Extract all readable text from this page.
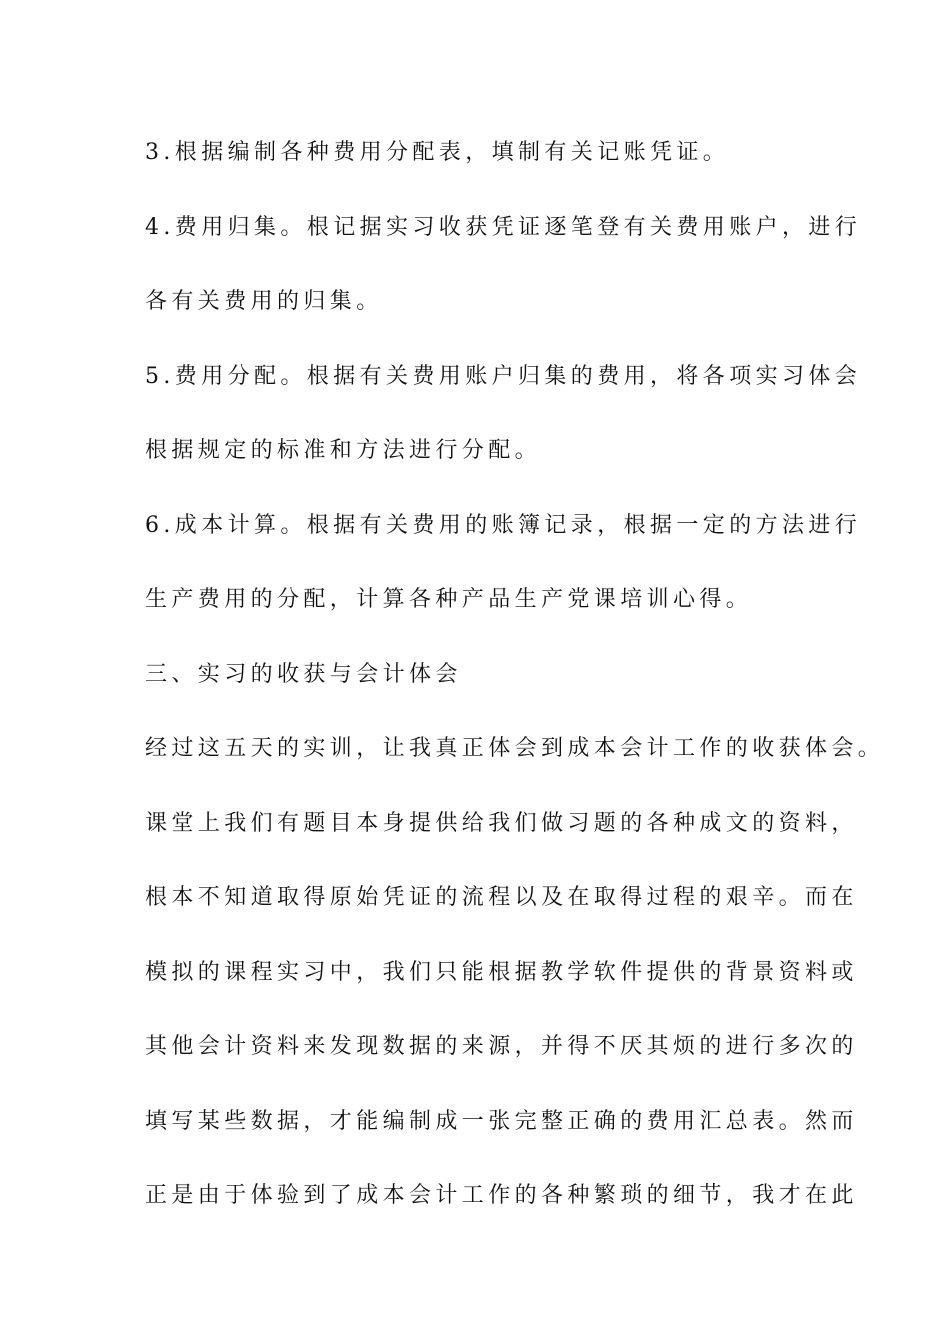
3.根据编制各种费用分配表，填制有关记账凭证。

4.费用归集。根记据实习收获凭证逐笔登有关费用账户，进行

各有关费用的归集。

5.费用分配。根据有关费用账户归集的费用，将各项实习体会

根据规定的标准和方法进行分配。

6.成本计算。根据有关费用的账簿记录，根据一定的方法进行

生产费用的分配，计算各种产品生产党课培训心得。

三、实习的收获与会计体会

经过这五天的实训，让我真正体会到成本会计工作的收获体会。

课堂上我们有题目本身提供给我们做习题的各种成文的资料，

根本不知道取得原始凭证的流程以及在取得过程的艰辛。而在

模拟的课程实习中，我们只能根据教学软件提供的背景资料或

其他会计资料来发现数据的来源，并得不厌其烦的进行多次的

填写某些数据，才能编制成一张完整正确的费用汇总表。然而

正是由于体验到了成本会计工作的各种繁琐的细节，我才在此
